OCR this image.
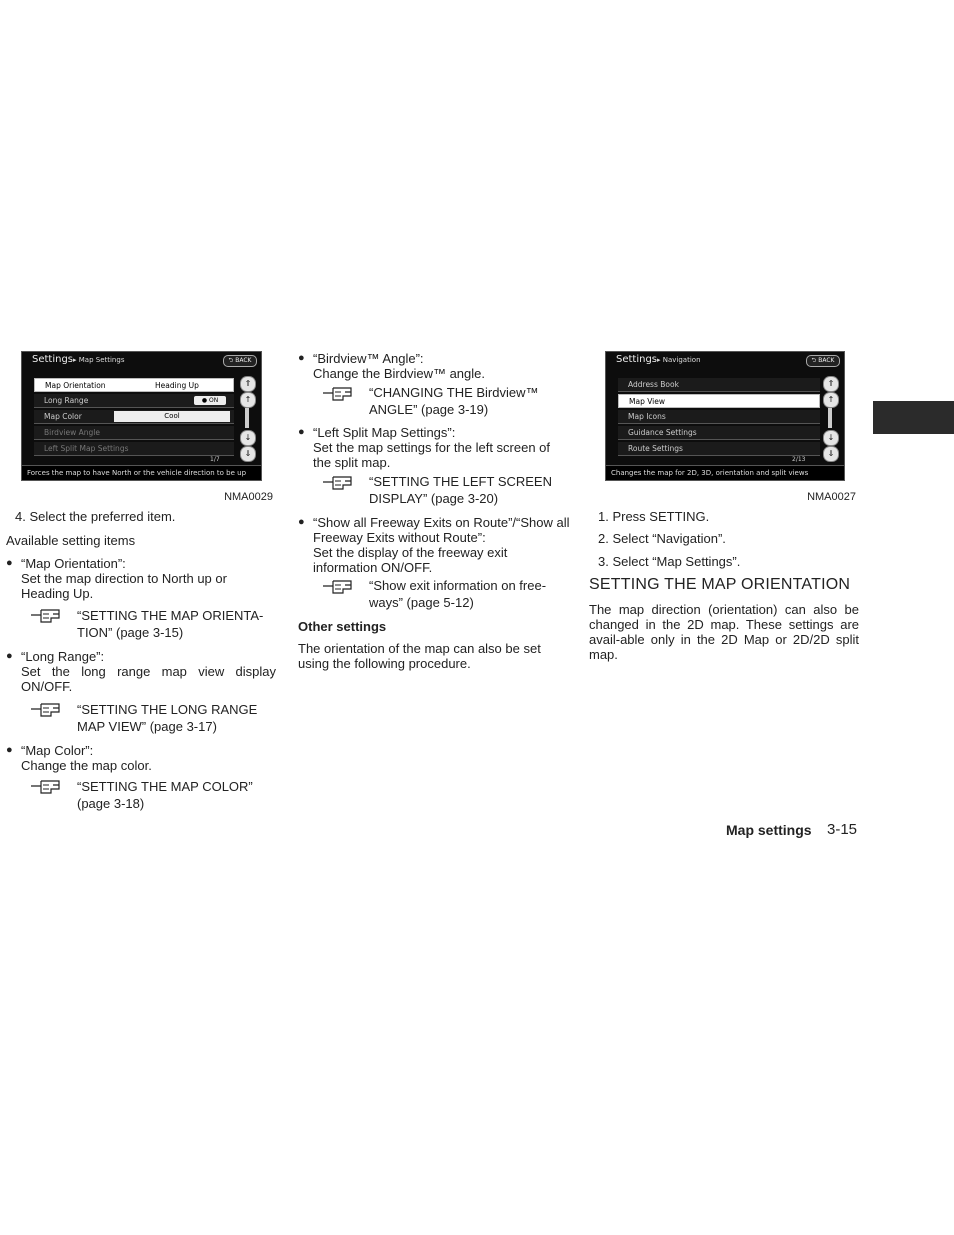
Settings▸ Map Settings	⮌ BACK
Map Orientation	Heading Up
Long Range	● ON
Map Color	Cool
Birdview Angle
Left Split Map Settings
⇑
↑
↓
⇓
1/7
Forces the map to have North or the vehicle direction to be up
NMA0029
4. Select the preferred item.
Available setting items
● “Map Orientation”:
Set the map direction to North up or Heading Up.
“SETTING THE MAP ORIENTA-TION” (page 3-15)
● “Long Range”:
Set the long range map view display ON/OFF.
“SETTING THE LONG RANGE MAP VIEW” (page 3-17)
● “Map Color”:
Change the map color.
“SETTING THE MAP COLOR” (page 3-18)
● “Birdview™ Angle”:
Change the Birdview™ angle.
“CHANGING THE Birdview™ ANGLE” (page 3-19)
● “Left Split Map Settings”:
Set the map settings for the left screen of the split map.
“SETTING THE LEFT SCREEN DISPLAY” (page 3-20)
● “Show all Freeway Exits on Route”/“Show all Freeway Exits without Route”:
Set the display of the freeway exit information ON/OFF.
“Show exit information on free-ways” (page 5-12)
Other settings
The orientation of the map can also be set using the following procedure.
Settings▸ Navigation	⮌ BACK
Address Book
Map View
Map Icons
Guidance Settings
Route Settings
⇑
↑
↓
⇓
2/13
Changes the map for 2D, 3D, orientation and split views
NMA0027
1. Press SETTING.
2. Select “Navigation”.
3. Select “Map Settings”.
SETTING THE MAP ORIENTATION
The map direction (orientation) can also be changed in the 2D map. These settings are avail-able only in the 2D Map or 2D/2D split map.
Map settings 3-15
